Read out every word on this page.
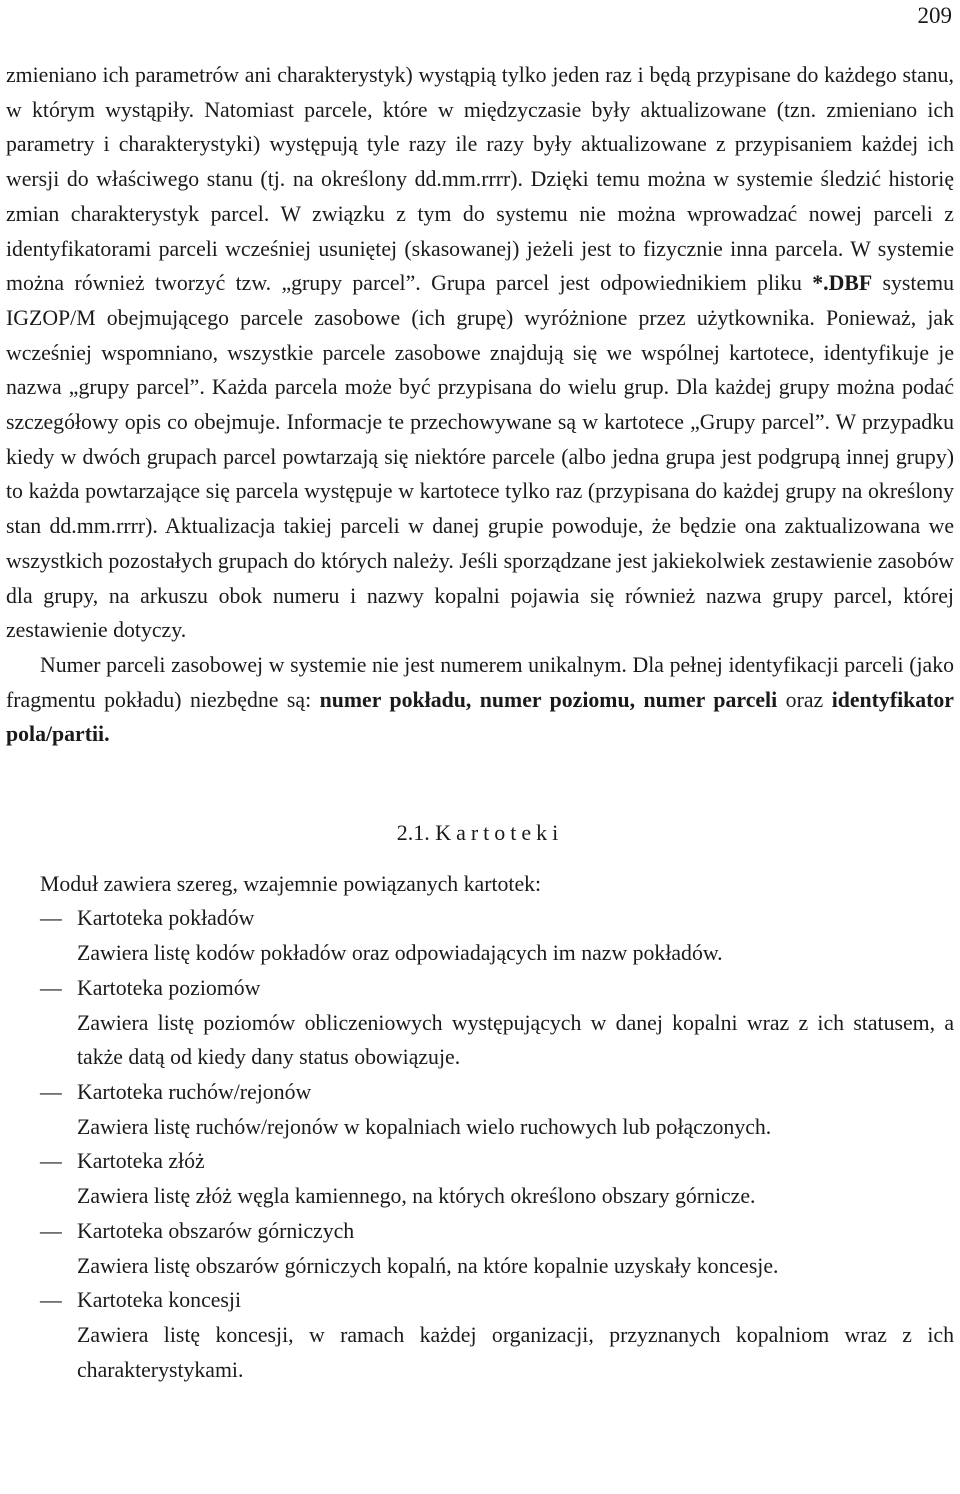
209

zmieniano ich parametrów ani charakterystyk) wystąpią tylko jeden raz i będą przypisane do każdego stanu, w którym wystąpiły. Natomiast parcele, które w międzyczasie były aktualizowane (tzn. zmieniano ich parametry i charakterystyki) występują tyle razy ile razy były aktualizowane z przypisaniem każdej ich wersji do właściwego stanu (tj. na określony dd.mm.rrrr). Dzięki temu można w systemie śledzić historię zmian charakterystyk parcel. W związku z tym do systemu nie można wprowadzać nowej parceli z identyfikatorami parceli wcześniej usuniętej (skasowanej) jeżeli jest to fizycznie inna parcela. W systemie można również tworzyć tzw. „grupy parcel”. Grupa parcel jest odpowiednikiem pliku *.DBF systemu IGZOP/M obejmującego parcele zasobowe (ich grupę) wyróżnione przez użytkownika. Ponieważ, jak wcześniej wspomniano, wszystkie parcele zasobowe znajdują się we wspólnej kartotece, identyfikuje je nazwa „grupy parcel”. Każda parcela może być przypisana do wielu grup. Dla każdej grupy można podać szczegółowy opis co obejmuje. Informacje te przechowywane są w kartotece „Grupy parcel”. W przypadku kiedy w dwóch grupach parcel powtarzają się niektóre parcele (albo jedna grupa jest podgrupą innej grupy) to każda powtarzające się parcela występuje w kartotece tylko raz (przypisana do każdej grupy na określony stan dd.mm.rrrr). Aktualizacja takiej parceli w danej grupie powoduje, że będzie ona zaktualizowana we wszystkich pozostałych grupach do których należy. Jeśli sporządzane jest jakiekolwiek zestawienie zasobów dla grupy, na arkuszu obok numeru i nazwy kopalni pojawia się również nazwa grupy parcel, której zestawienie dotyczy.

Numer parceli zasobowej w systemie nie jest numerem unikalnym. Dla pełnej identyfikacji parceli (jako fragmentu pokładu) niezbędne są: numer pokładu, numer poziomu, numer parceli oraz identyfikator pola/partii.

2.1. Kartoteki

Moduł zawiera szereg, wzajemnie powiązanych kartotek:

— Kartoteka pokładów
Zawiera listę kodów pokładów oraz odpowiadających im nazw pokładów.
— Kartoteka poziomów
Zawiera listę poziomów obliczeniowych występujących w danej kopalni wraz z ich statusem, a także datą od kiedy dany status obowiązuje.
— Kartoteka ruchów/rejonów
Zawiera listę ruchów/rejonów w kopalniach wielo ruchowych lub połączonych.
— Kartoteka złóż
Zawiera listę złóż węgla kamiennego, na których określono obszary górnicze.
— Kartoteka obszarów górniczych
Zawiera listę obszarów górniczych kopalń, na które kopalnie uzyskały koncesje.
— Kartoteka koncesji
Zawiera listę koncesji, w ramach każdej organizacji, przyznanych kopalniom wraz z ich charakterystykami.
